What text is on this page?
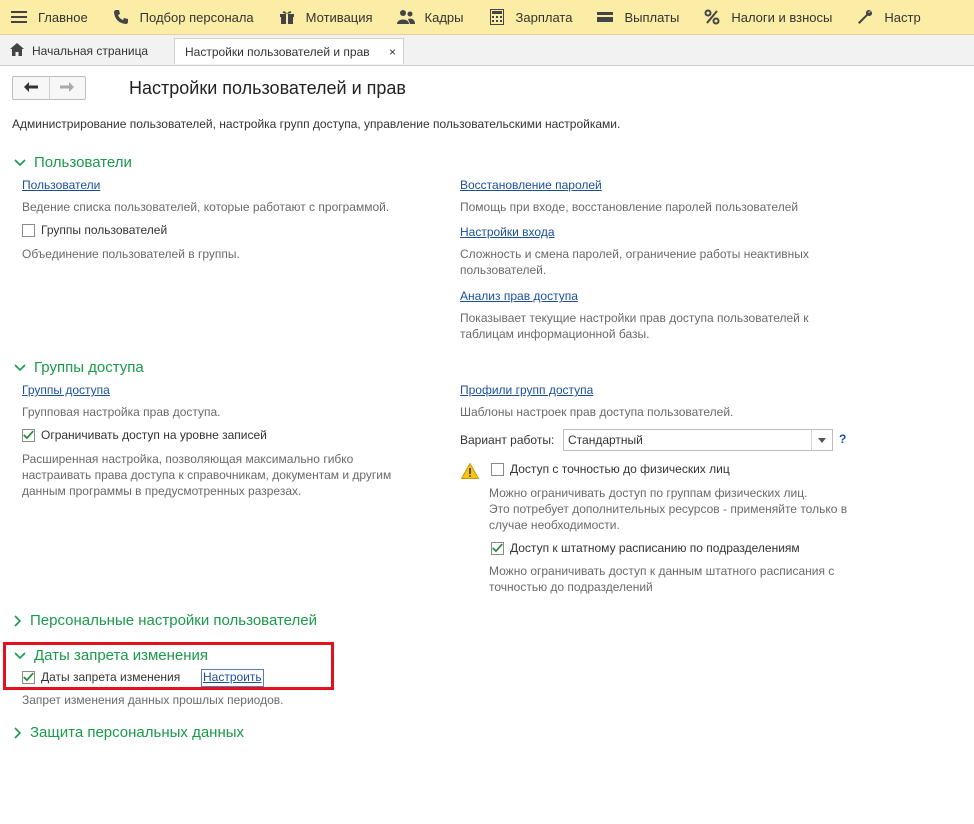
Главное	Подбор персонала	Мотивация	Кадры	Зарплата	Выплаты	Налоги и взносы	Настр
Начальная страница	Настройки пользователей и прав ×
Настройки пользователей и прав
Администрирование пользователей, настройка групп доступа, управление пользовательскими настройками.
Пользователи
Пользователи
Ведение списка пользователей, которые работают с программой.
Группы пользователей
Объединение пользователей в группы.
Восстановление паролей
Помощь при входе, восстановление паролей пользователей
Настройки входа
Сложность и смена паролей, ограничение работы неактивных
пользователей.
Анализ прав доступа
Показывает текущие настройки прав доступа пользователей к
таблицам информационной базы.
Группы доступа
Группы доступа
Групповая настройка прав доступа.
Ограничивать доступ на уровне записей
Расширенная настройка, позволяющая максимально гибко
настраивать права доступа к справочникам, документам и другим
данным программы в предусмотренных разрезах.
Профили групп доступа
Шаблоны настроек прав доступа пользователей.
Вариант работы: Стандартный	?
Доступ с точностью до физических лиц
Можно ограничивать доступ по группам физических лиц.
Это потребует дополнительных ресурсов - применяйте только в
случае необходимости.
Доступ к штатному расписанию по подразделениям
Можно ограничивать доступ к данным штатного расписания с
точностью до подразделений
Персональные настройки пользователей
Даты запрета изменения
Даты запрета изменения Настроить
Запрет изменения данных прошлых периодов.
Защита персональных данных
